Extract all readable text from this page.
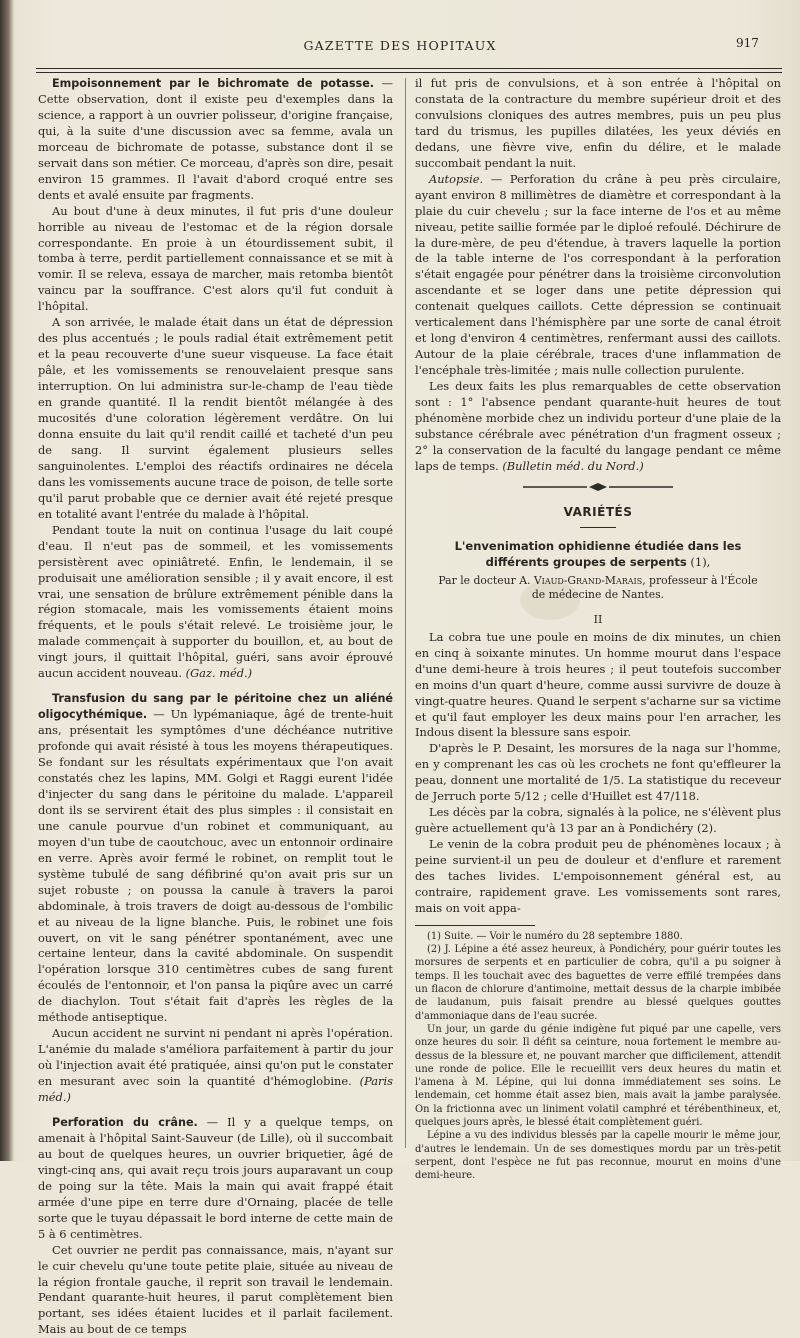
GAZETTE DES HOPITAUX	917

Empoisonnement par le bichromate de potasse. — Cette observation, dont il existe peu d'exemples dans la science, a rapport à un ouvrier polisseur, d'origine française, qui, à la suite d'une discussion avec sa femme, avala un morceau de bichromate de potasse, substance dont il se servait dans son métier. Ce morceau, d'après son dire, pesait environ 15 grammes. Il l'avait d'abord croqué entre ses dents et avalé ensuite par fragments.

Au bout d'une à deux minutes, il fut pris d'une douleur horrible au niveau de l'estomac et de la région dorsale correspondante. En proie à un étourdissement subit, il tomba à terre, perdit partiellement connaissance et se mit à vomir. Il se releva, essaya de marcher, mais retomba bientôt vaincu par la souffrance. C'est alors qu'il fut conduit à l'hôpital.

A son arrivée, le malade était dans un état de dépression des plus accentués ; le pouls radial était extrêmement petit et la peau recouverte d'une sueur visqueuse. La face était pâle, et les vomissements se renouvelaient presque sans interruption. On lui administra sur-le-champ de l'eau tiède en grande quantité. Il la rendit bientôt mélangée à des mucosités d'une coloration légèrement verdâtre. On lui donna ensuite du lait qu'il rendit caillé et tacheté d'un peu de sang. Il survint également plusieurs selles sanguinolentes. L'emploi des réactifs ordinaires ne décela dans les vomissements aucune trace de poison, de telle sorte qu'il parut probable que ce dernier avait été rejeté presque en totalité avant l'entrée du malade à l'hôpital.

Pendant toute la nuit on continua l'usage du lait coupé d'eau. Il n'eut pas de sommeil, et les vomissements persistèrent avec opiniâtreté. Enfin, le lendemain, il se produisait une amélioration sensible ; il y avait encore, il est vrai, une sensation de brûlure extrêmement pénible dans la région stomacale, mais les vomissements étaient moins fréquents, et le pouls s'était relevé. Le troisième jour, le malade commençait à supporter du bouillon, et, au bout de vingt jours, il quittait l'hôpital, guéri, sans avoir éprouvé aucun accident nouveau. (Gaz. méd.)

Transfusion du sang par le péritoine chez un aliéné oligocythémique. — Un lypémaniaque, âgé de trente-huit ans, présentait les symptômes d'une déchéance nutritive profonde qui avait résisté à tous les moyens thérapeutiques. Se fondant sur les résultats expérimentaux que l'on avait constatés chez les lapins, MM. Golgi et Raggi eurent l'idée d'injecter du sang dans le péritoine du malade. L'appareil dont ils se servirent était des plus simples : il consistait en une canule pourvue d'un robinet et communiquant, au moyen d'un tube de caoutchouc, avec un entonnoir ordinaire en verre. Après avoir fermé le robinet, on remplit tout le système tubulé de sang défibriné qu'on avait pris sur un sujet robuste ; on poussa la canule à travers la paroi abdominale, à trois travers de doigt au-dessous de l'ombilic et au niveau de la ligne blanche. Puis, le robinet une fois ouvert, on vit le sang pénétrer spontanément, avec une certaine lenteur, dans la cavité abdominale. On suspendit l'opération lorsque 310 centimètres cubes de sang furent écoulés de l'entonnoir, et l'on pansa la piqûre avec un carré de diachylon. Tout s'était fait d'après les règles de la méthode antiseptique.

Aucun accident ne survint ni pendant ni après l'opération. L'anémie du malade s'améliora parfaitement à partir du jour où l'injection avait été pratiquée, ainsi qu'on put le constater en mesurant avec soin la quantité d'hémoglobine. (Paris méd.)

Perforation du crâne. — Il y a quelque temps, on amenait à l'hôpital Saint-Sauveur (de Lille), où il succombait au bout de quelques heures, un ouvrier briquetier, âgé de vingt-cinq ans, qui avait reçu trois jours auparavant un coup de poing sur la tête. Mais la main qui avait frappé était armée d'une pipe en terre dure d'Ornaing, placée de telle sorte que le tuyau dépassait le bord interne de cette main de 5 à 6 centimètres.

Cet ouvrier ne perdit pas connaissance, mais, n'ayant sur le cuir chevelu qu'une toute petite plaie, située au niveau de la région frontale gauche, il reprit son travail le lendemain. Pendant quarante-huit heures, il parut complètement bien portant, ses idées étaient lucides et il parlait facilement. Mais au bout de ce temps

il fut pris de convulsions, et à son entrée à l'hôpital on constata de la contracture du membre supérieur droit et des convulsions cloniques des autres membres, puis un peu plus tard du trismus, les pupilles dilatées, les yeux déviés en dedans, une fièvre vive, enfin du délire, et le malade succombait pendant la nuit.

Autopsie. — Perforation du crâne à peu près circulaire, ayant environ 8 millimètres de diamètre et correspondant à la plaie du cuir chevelu ; sur la face interne de l'os et au même niveau, petite saillie formée par le diploé refoulé. Déchirure de la dure-mère, de peu d'étendue, à travers laquelle la portion de la table interne de l'os correspondant à la perforation s'était engagée pour pénétrer dans la troisième circonvolution ascendante et se loger dans une petite dépression qui contenait quelques caillots. Cette dépression se continuait verticalement dans l'hémisphère par une sorte de canal étroit et long d'environ 4 centimètres, renfermant aussi des caillots. Autour de la plaie cérébrale, traces d'une inflammation de l'encéphale très-limitée ; mais nulle collection purulente.

Les deux faits les plus remarquables de cette observation sont : 1° l'absence pendant quarante-huit heures de tout phénomène morbide chez un individu porteur d'une plaie de la substance cérébrale avec pénétration d'un fragment osseux ; 2° la conservation de la faculté du langage pendant ce même laps de temps. (Bulletin méd. du Nord.)

VARIÉTÉS
L'envenimation ophidienne étudiée dans les différents groupes de serpents (1),
Par le docteur A. Viaud-Grand-Marais, professeur à l'École
de médecine de Nantes.
II

La cobra tue une poule en moins de dix minutes, un chien en cinq à soixante minutes. Un homme mourut dans l'espace d'une demi-heure à trois heures ; il peut toutefois succomber en moins d'un quart d'heure, comme aussi survivre de douze à vingt-quatre heures. Quand le serpent s'acharne sur sa victime et qu'il faut employer les deux mains pour l'en arracher, les Indous disent la blessure sans espoir.

D'après le P. Desaint, les morsures de la naga sur l'homme, en y comprenant les cas où les crochets ne font qu'effleurer la peau, donnent une mortalité de 1/5. La statistique du receveur de Jerruch porte 5/12 ; celle d'Huillet est 47/118.

Les décès par la cobra, signalés à la police, ne s'élèvent plus guère actuellement qu'à 13 par an à Pondichéry (2).

Le venin de la cobra produit peu de phénomènes locaux ; à peine survient-il un peu de douleur et d'enflure et rarement des taches livides. L'empoisonnement général est, au contraire, rapidement grave. Les vomissements sont rares, mais on voit appa-

(1) Suite. — Voir le numéro du 28 septembre 1880.

(2) J. Lépine a été assez heureux, à Pondichéry, pour guérir toutes les morsures de serpents et en particulier de cobra, qu'il a pu soigner à temps. Il les touchait avec des baguettes de verre effilé trempées dans un flacon de chlorure d'antimoine, mettait dessus de la charpie imbibée de laudanum, puis faisait prendre au blessé quelques gouttes d'ammoniaque dans de l'eau sucrée.

Un jour, un garde du génie indigène fut piqué par une capelle, vers onze heures du soir. Il défit sa ceinture, noua fortement le membre au-dessus de la blessure et, ne pouvant marcher que difficilement, attendit une ronde de police. Elle le recueillit vers deux heures du matin et l'amena à M. Lépine, qui lui donna immédiatement ses soins. Le lendemain, cet homme était assez bien, mais avait la jambe paralysée. On la frictionna avec un liniment volatil camphré et térébenthineux, et, quelques jours après, le blessé était complètement guéri.

Lépine a vu des individus blessés par la capelle mourir le même jour, d'autres le lendemain. Un de ses domestiques mordu par un très-petit serpent, dont l'espèce ne fut pas reconnue, mourut en moins d'une demi-heure.
